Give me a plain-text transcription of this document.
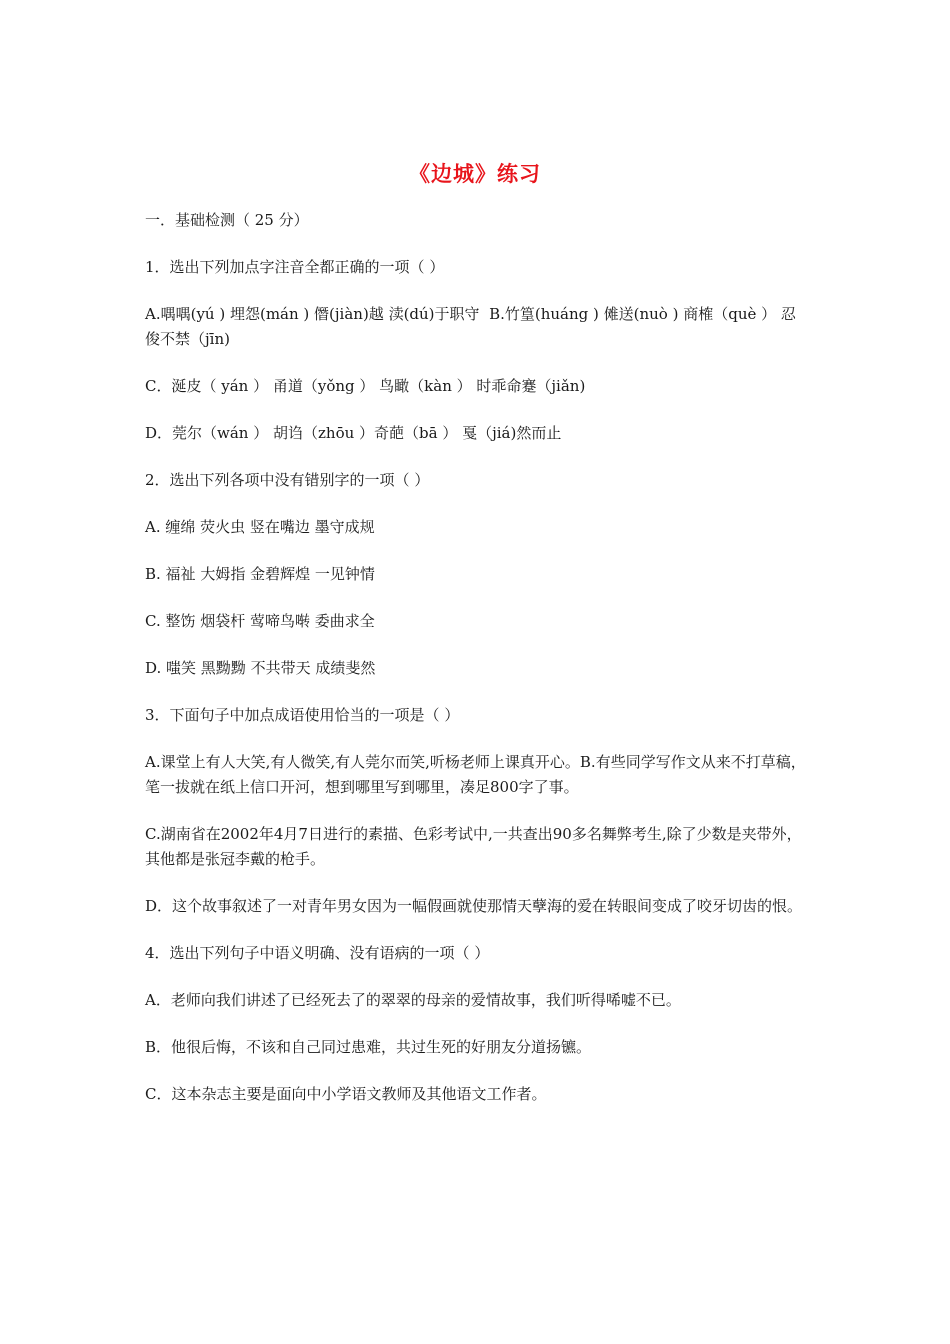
《边城》练习

一．基础检测（ 25 分）

1．选出下列加点字注音全都正确的一项（ ）

A.喁喁(yú ) 埋怨(mán ) 僭(jiàn)越 渎(dú)于职守  B.竹篁(huáng ) 傩送(nuò ) 商榷（què ） 忍俊不禁（jīn)

C．涎皮（ yán ） 甬道（yǒng ） 鸟瞰（kàn ） 时乖命蹇（jiǎn)

D．莞尔（wán ） 胡诌（zhōu ）奇葩（bā ） 戛（jiá)然而止

2．选出下列各项中没有错别字的一项（ ）

A. 缠绵 荧火虫 竖在嘴边 墨守成规

B. 福祉 大姆指 金碧辉煌 一见钟情

C. 整饬 烟袋杆 莺啼鸟啭 委曲求全

D. 嗤笑 黑黝黝 不共带天 成绩斐然

3．下面句子中加点成语使用恰当的一项是（ ）

A.课堂上有人大笑,有人微笑,有人莞尔而笑,听杨老师上课真开心。B.有些同学写作文从来不打草稿，笔一拔就在纸上信口开河，想到哪里写到哪里，凑足800字了事。

C.湖南省在2002年4月7日进行的素描、色彩考试中,一共查出90多名舞弊考生,除了少数是夹带外，其他都是张冠李戴的枪手。

D．这个故事叙述了一对青年男女因为一幅假画就使那情天孽海的爱在转眼间变成了咬牙切齿的恨。

4．选出下列句子中语义明确、没有语病的一项（ ）

A．老师向我们讲述了已经死去了的翠翠的母亲的爱情故事，我们听得唏嘘不已。

B．他很后悔，不该和自己同过患难，共过生死的好朋友分道扬镳。

C．这本杂志主要是面向中小学语文教师及其他语文工作者。
